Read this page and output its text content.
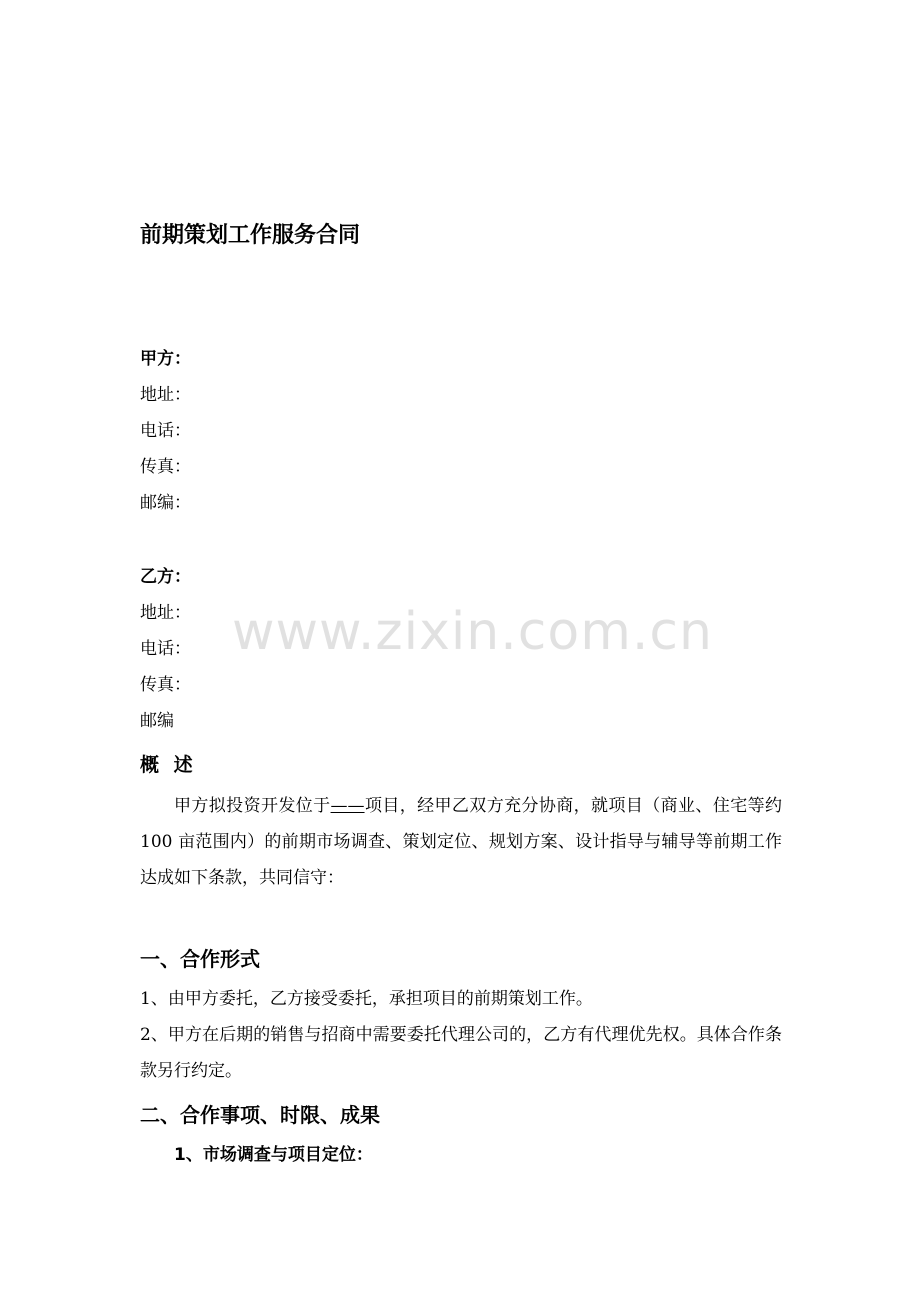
前期策划工作服务合同
甲方：
地址：
电话：
传真：
邮编：
乙方：
地址：
电话：
传真：
邮编
概 述
甲方拟投资开发位于——项目，经甲乙双方充分协商，就项目（商业、住宅等约 100 亩范围内）的前期市场调查、策划定位、规划方案、设计指导与辅导等前期工作达成如下条款，共同信守：
一、合作形式
1、由甲方委托，乙方接受委托，承担项目的前期策划工作。
2、甲方在后期的销售与招商中需要委托代理公司的，乙方有代理优先权。具体合作条款另行约定。
二、合作事项、时限、成果
1、市场调查与项目定位：
www.zixin.com.cn
